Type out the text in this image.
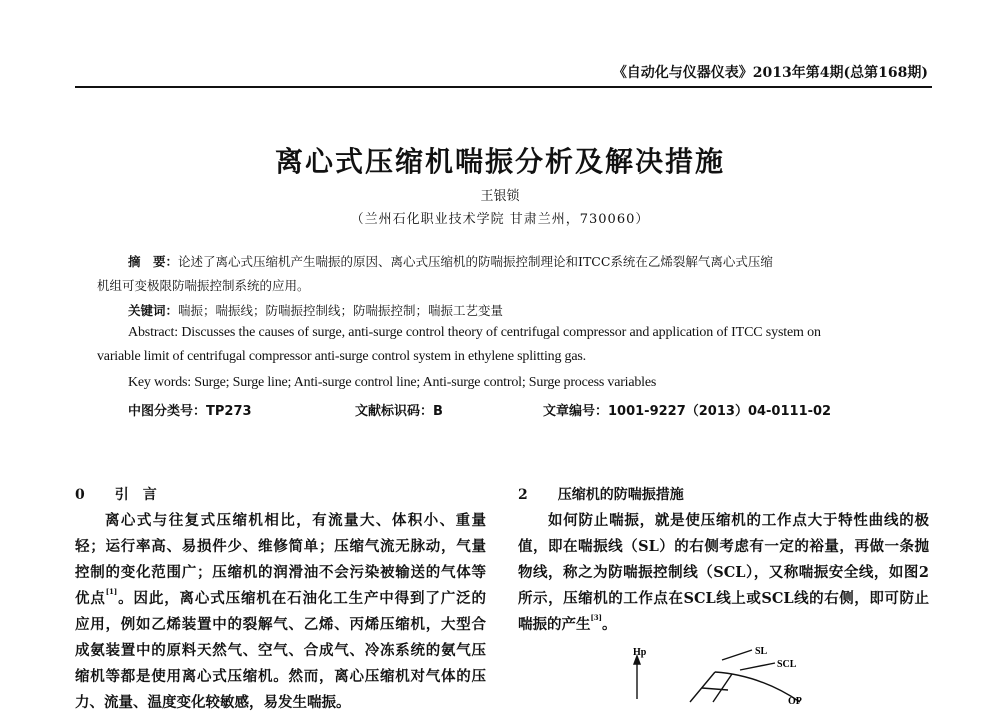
《自动化与仪器仪表》2013年第4期(总第168期)
离心式压缩机喘振分析及解决措施
王银锁
（兰州石化职业技术学院 甘肃兰州，730060）
摘　要：论述了离心式压缩机产生喘振的原因、离心式压缩机的防喘振控制理论和ITCC系统在乙烯裂解气离心式压缩
机组可变极限防喘振控制系统的应用。
关键词：喘振；喘振线；防喘振控制线；防喘振控制；喘振工艺变量
Abstract: Discusses the causes of surge, anti-surge control theory of centrifugal compressor and application of ITCC system on
variable limit of centrifugal compressor anti-surge control system in ethylene splitting gas.
Key words: Surge; Surge line; Anti-surge control line; Anti-surge control; Surge process variables
中图分类号：TP273	文献标识码：B	文章编号：1001-9227（2013）04-0111-02
0 引　言
离心式与往复式压缩机相比，有流量大、体积小、重量
轻；运行率高、易损件少、维修简单；压缩气流无脉动，气量
控制的变化范围广；压缩机的润滑油不会污染被输送的气体等
优点[1]。因此，离心式压缩机在石油化工生产中得到了广泛的
应用，例如乙烯装置中的裂解气、乙烯、丙烯压缩机，大型合
成氨装置中的原料天然气、空气、合成气、冷冻系统的氨气压
缩机等都是使用离心式压缩机。然而，离心压缩机对气体的压
力、流量、温度变化较敏感，易发生喘振。
2 压缩机的防喘振措施
如何防止喘振，就是使压缩机的工作点大于特性曲线的极
值，即在喘振线（SL）的右侧考虑有一定的裕量，再做一条抛
物线，称之为防喘振控制线（SCL），又称喘振安全线，如图2
所示，压缩机的工作点在SCL线上或SCL线的右侧，即可防止
喘振的产生[3]。
Hp	SL
SCL
OP
